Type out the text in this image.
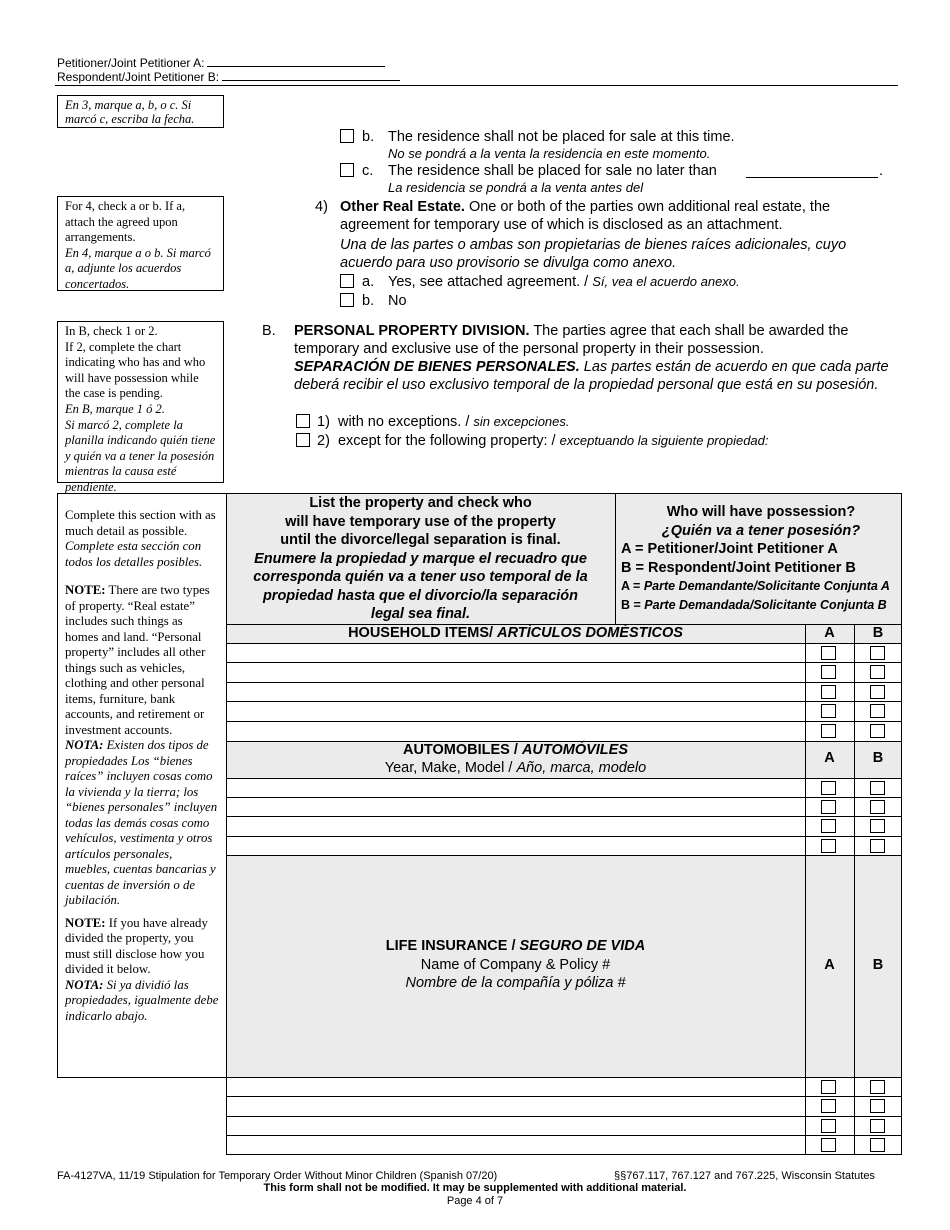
Petitioner/Joint Petitioner A:
Respondent/Joint Petitioner B:
En 3, marque a, b, o c. Si marcó c, escriba la fecha.

For 4, check a or b. If a, attach the agreed upon arrangements.

En 4, marque a o b. Si marcó a, adjunte los acuerdos concertados.

In B, check 1 or 2.

If 2, complete the chart indicating who has and who will have possession while the case is pending.

En B, marque 1 ó 2.

Si marcó 2, complete la planilla indicando quién tiene y quién va a tener la posesión mientras la causa esté pendiente.

Complete this section with as much detail as possible.

Complete esta sección con todos los detalles posibles.

NOTE: There are two types of property. “Real estate” includes such things as homes and land. “Personal property” includes all other things such as vehicles, clothing and other personal items, furniture, bank accounts, and retirement or investment accounts.

NOTA: Existen dos tipos de propiedades Los “bienes raíces” incluyen cosas como la vivienda y la tierra; los “bienes personales” incluyen todas las demás cosas como vehículos, vestimenta y otros artículos personales, muebles, cuentas bancarias y cuentas de inversión o de jubilación.

NOTE: If you have already divided the property, you must still disclose how you divided it below.

NOTA: Si ya dividió las propiedades, igualmente debe indicarlo abajo.

b. The residence shall not be placed for sale at this time.
No se pondrá a la venta la residencia en este momento.
c. The residence shall be placed for sale no later than	.
La residencia se pondrá a la venta antes del
4) Other Real Estate. One or both of the parties own additional real estate, the agreement for temporary use of which is disclosed as an attachment.
Una de las partes o ambas son propietarias de bienes raíces adicionales, cuyo acuerdo para uso provisorio se divulga como anexo.
a. Yes, see attached agreement. / Sí, vea el acuerdo anexo.
b. No
B. PERSONAL PROPERTY DIVISION. The parties agree that each shall be awarded the temporary and exclusive use of the personal property in their possession.
SEPARACIÓN DE BIENES PERSONALES. Las partes están de acuerdo en que cada parte deberá recibir el uso exclusivo temporal de la propiedad personal que está en su posesión.
1) with no exceptions. / sin excepciones.
2) except for the following property: / exceptuando la siguiente propiedad:
List the property and check who
will have temporary use of the property
until the divorce/legal separation is final.
Enumere la propiedad y marque el recuadro que
corresponda quién va a tener uso temporal de la
propiedad hasta que el divorcio/la separación
legal sea final.
Who will have possession?
¿Quién va a tener posesión?
A = Petitioner/Joint Petitioner A
B = Respondent/Joint Petitioner B
A = Parte Demandante/Solicitante Conjunta A
B = Parte Demandada/Solicitante Conjunta B
HOUSEHOLD ITEMS/ ARTÍCULOS DOMÉSTICOS	A	B
AUTOMOBILES / AUTOMÓVILES
Year, Make, Model / Año, marca, modelo
A	B
LIFE INSURANCE / SEGURO DE VIDA
Name of Company & Policy #
Nombre de la compañía y póliza #
A	B
FA-4127VA, 11/19 Stipulation for Temporary Order Without Minor Children (Spanish 07/20)	§§767.117, 767.127 and 767.225, Wisconsin Statutes
This form shall not be modified. It may be supplemented with additional material.
Page 4 of 7
